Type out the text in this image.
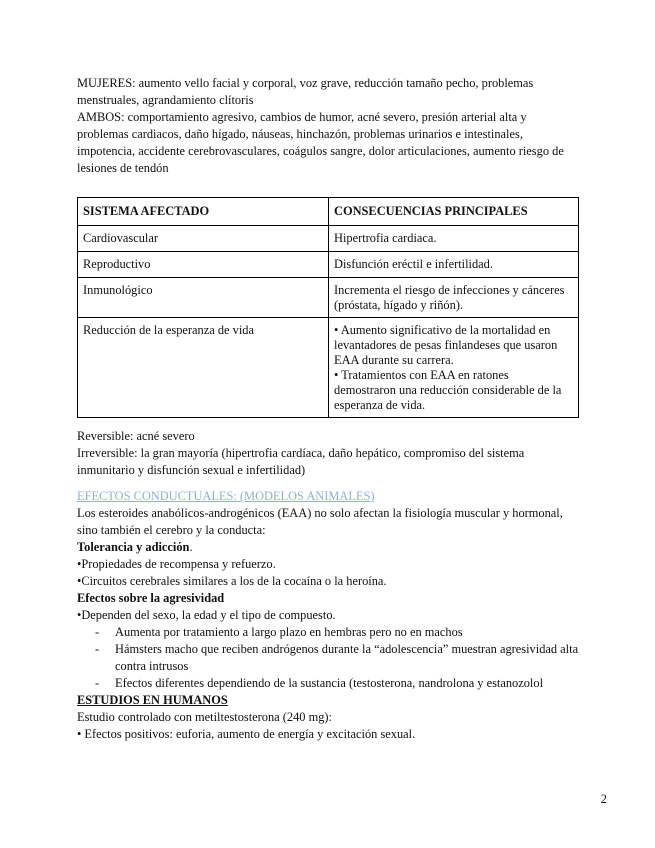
MUJERES: aumento vello facial y corporal, voz grave, reducción tamaño pecho, problemas menstruales, agrandamiento clítoris

AMBOS: comportamiento agresivo, cambios de humor, acné severo, presión arterial alta y problemas cardiacos, daño hígado, náuseas, hinchazón, problemas urinarios e intestinales, impotencia, accidente cerebrovasculares, coágulos sangre, dolor articulaciones, aumento riesgo de lesiones de tendón

SISTEMA AFECTADO	CONSECUENCIAS PRINCIPALES
Cardiovascular	Hipertrofia cardiaca.
Reproductivo	Disfunción eréctil e infertilidad.
Inmunológico	Incrementa el riesgo de infecciones y cánceres (próstata, hígado y riñón).
Reducción de la esperanza de vida	• Aumento significativo de la mortalidad en levantadores de pesas finlandeses que usaron EAA durante su carrera.
• Tratamientos con EAA en ratones demostraron una reducción considerable de la esperanza de vida.

Reversible: acné severo

Irreversible: la gran mayoría (hipertrofia cardíaca, daño hepático, compromiso del sistema inmunitario y disfunción sexual e infertilidad)

EFECTOS CONDUCTUALES: (MODELOS ANIMALES)

Los esteroides anabólicos-androgénicos (EAA) no solo afectan la fisiología muscular y hormonal, sino también el cerebro y la conducta:

Tolerancia y adicción.

•Propiedades de recompensa y refuerzo.

•Circuitos cerebrales similares a los de la cocaína o la heroína.

Efectos sobre la agresividad

•Dependen del sexo, la edad y el tipo de compuesto.

- Aumenta por tratamiento a largo plazo en hembras pero no en machos
- Hámsters macho que reciben andrógenos durante la “adolescencia” muestran agresividad alta contra intrusos
- Efectos diferentes dependiendo de la sustancia (testosterona, nandrolona y estanozolol

ESTUDIOS EN HUMANOS

Estudio controlado con metiltestosterona (240 mg):

• Efectos positivos: euforia, aumento de energía y excitación sexual.

2
